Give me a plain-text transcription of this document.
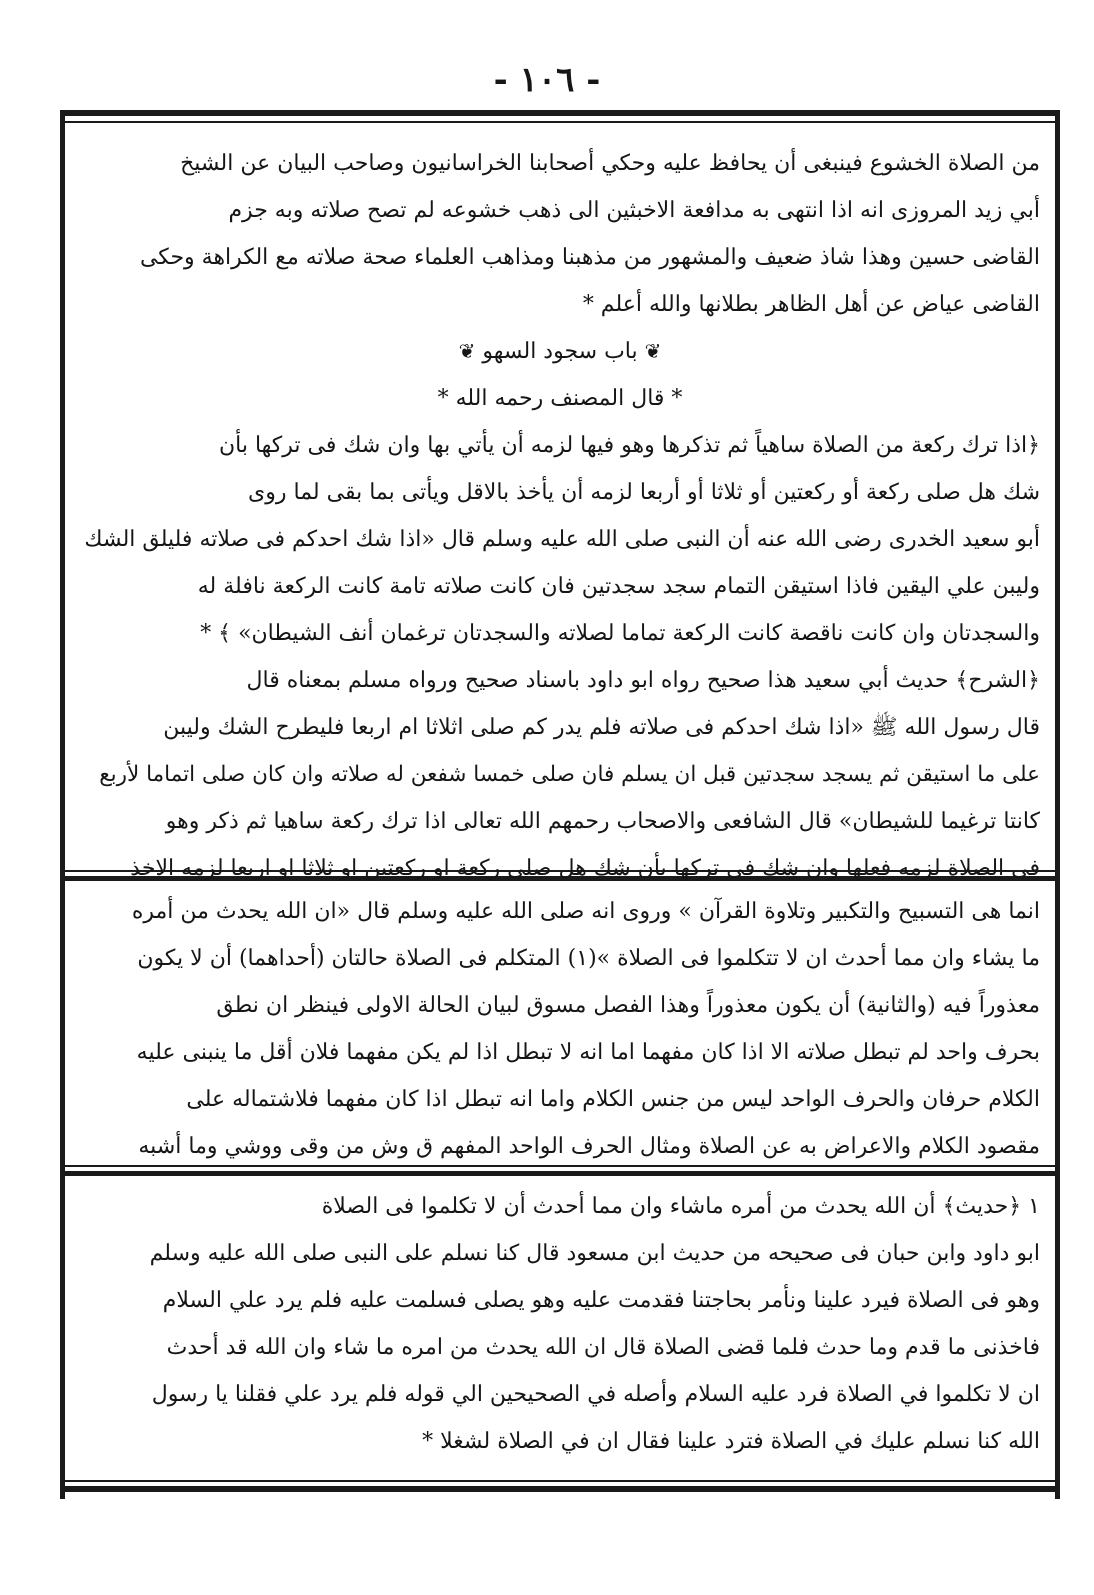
- ١٠٦ -

من الصلاة الخشوع فينبغى أن يحافظ عليه وحكي أصحابنا الخراسانيون وصاحب البيان عن الشيخ

أبي زيد المروزى انه اذا انتهى به مدافعة الاخبثين الى ذهب خشوعه لم تصح صلاته وبه جزم

القاضى حسين وهذا شاذ ضعيف والمشهور من مذهبنا ومذاهب العلماء صحة صلاته مع الكراهة وحكى

القاضى عياض عن أهل الظاهر بطلانها والله أعلم *

❦ باب سجود السهو ❦

* قال المصنف رحمه الله *

﴿اذا ترك ركعة من الصلاة ساهياً ثم تذكرها وهو فيها لزمه أن يأتي بها وان شك فى تركها بأن

شك هل صلى ركعة أو ركعتين أو ثلاثا أو أربعا لزمه أن يأخذ بالاقل ويأتى بما بقى لما روى

أبو سعيد الخدرى رضى الله عنه أن النبى صلى الله عليه وسلم قال «اذا شك احدكم فى صلاته فليلق الشك

وليبن علي اليقين فاذا استيقن التمام سجد سجدتين فان كانت صلاته تامة كانت الركعة نافلة له

والسجدتان وان كانت ناقصة كانت الركعة تماما لصلاته والسجدتان ترغمان أنف الشيطان» ﴾ *

﴿الشرح﴾ حديث أبي سعيد هذا صحيح رواه ابو داود باسناد صحيح ورواه مسلم بمعناه قال

قال رسول الله ﷺ «اذا شك احدكم فى صلاته فلم يدر كم صلى اثلاثا ام اربعا فليطرح الشك وليبن

على ما استيقن ثم يسجد سجدتين قبل ان يسلم فان صلى خمسا شفعن له صلاته وان كان صلى اتماما لأربع

كانتا ترغيما للشيطان» قال الشافعى والاصحاب رحمهم الله تعالى اذا ترك ركعة ساهيا ثم ذكر وهو

فى الصلاة لزمه فعلها وان شك فى تركها بأن شك هل صلى ركعة او ركعتين او ثلاثا او اربعا لزمه الاخذ

انما هى التسبيح والتكبير وتلاوة القرآن » وروى انه صلى الله عليه وسلم قال «ان الله يحدث من أمره

ما يشاء وان مما أحدث ان لا تتكلموا فى الصلاة »(١) المتكلم فى الصلاة حالتان (أحداهما) أن لا يكون

معذوراً فيه (والثانية) أن يكون معذوراً وهذا الفصل مسوق لبيان الحالة الاولى فينظر ان نطق

بحرف واحد لم تبطل صلاته الا اذا كان مفهما اما انه لا تبطل اذا لم يكن مفهما فلان أقل ما ينبنى عليه

الكلام حرفان والحرف الواحد ليس من جنس الكلام واما انه تبطل اذا كان مفهما فلاشتماله على

مقصود الكلام والاعراض به عن الصلاة ومثال الحرف الواحد المفهم ق وش من وقى ووشي وما أشبه

١ ﴿حديث﴾ أن الله يحدث من أمره ماشاء وان مما أحدث أن لا تكلموا فى الصلاة

ابو داود وابن حبان فى صحيحه من حديث ابن مسعود قال كنا نسلم على النبى صلى الله عليه وسلم

وهو فى الصلاة فيرد علينا ونأمر بحاجتنا فقدمت عليه وهو يصلى فسلمت عليه فلم يرد علي السلام

فاخذنى ما قدم وما حدث فلما قضى الصلاة قال ان الله يحدث من امره ما شاء وان الله قد أحدث

ان لا تكلموا في الصلاة فرد عليه السلام وأصله في الصحيحين الي قوله فلم يرد علي فقلنا يا رسول

الله كنا نسلم عليك في الصلاة فترد علينا فقال ان في الصلاة لشغلا *
